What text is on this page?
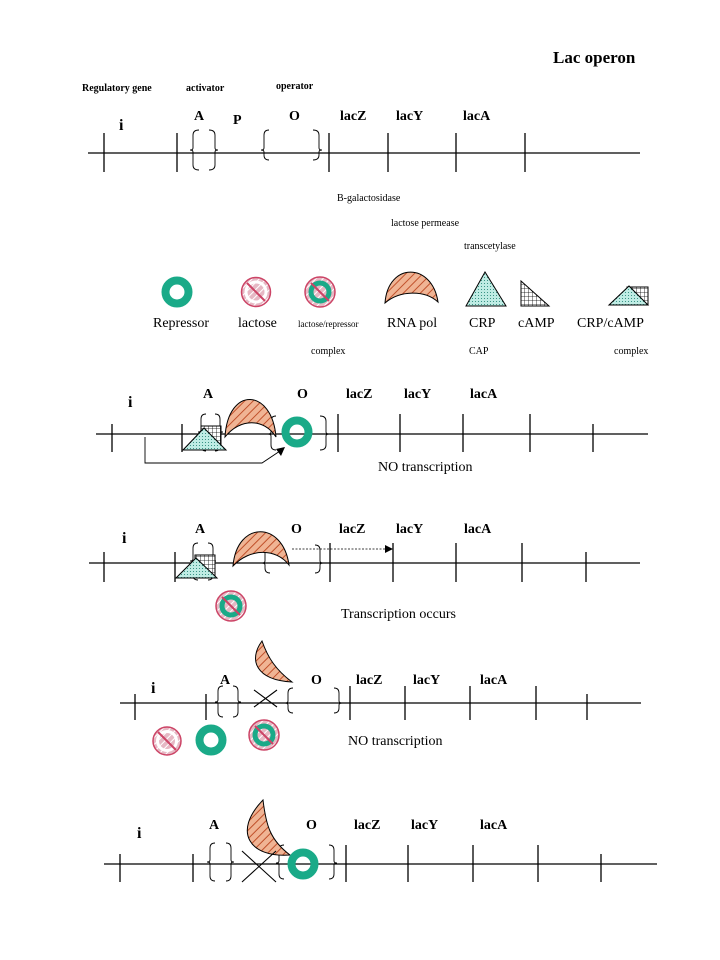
Lac operon
Regulatory gene	activator	operator
i
A P	O	lacZ lacY	lacA
B-galactosidase
lactose permease
transcetylase
Repressor lactose lactose/repressor
complex
RNA pol CRP
CAP
cAMP CRP/cAMP
complex
i	A	O	lacZ lacY	lacA
NO transcription
i
A	O	lacZ lacY	lacA
Transcription occurs
i	A	O lacZ lacY	lacA
NO transcription
i	A	O	lacZ lacY	lacA
